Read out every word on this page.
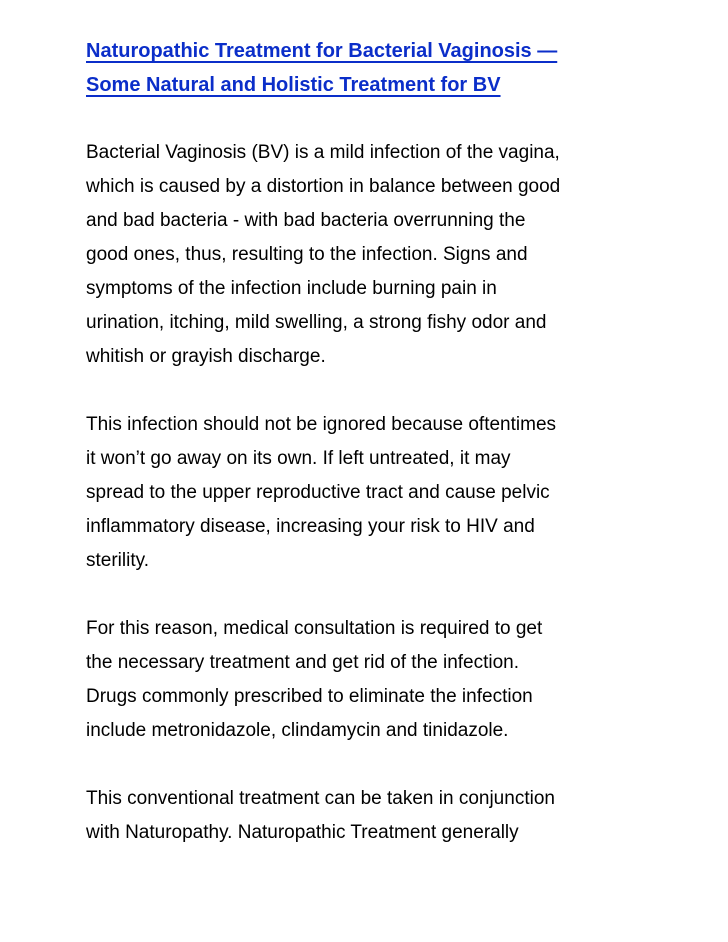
Naturopathic Treatment for Bacterial Vaginosis —
Some Natural and Holistic Treatment for BV

Bacterial Vaginosis (BV) is a mild infection of the vagina,
which is caused by a distortion in balance between good
and bad bacteria - with bad bacteria overrunning the
good ones, thus, resulting to the infection. Signs and
symptoms of the infection include burning pain in
urination, itching, mild swelling, a strong fishy odor and
whitish or grayish discharge.

This infection should not be ignored because oftentimes
it won’t go away on its own. If left untreated, it may
spread to the upper reproductive tract and cause pelvic
inflammatory disease, increasing your risk to HIV and
sterility.

For this reason, medical consultation is required to get
the necessary treatment and get rid of the infection.
Drugs commonly prescribed to eliminate the infection
include metronidazole, clindamycin and tinidazole.

This conventional treatment can be taken in conjunction
with Naturopathy. Naturopathic Treatment generally
